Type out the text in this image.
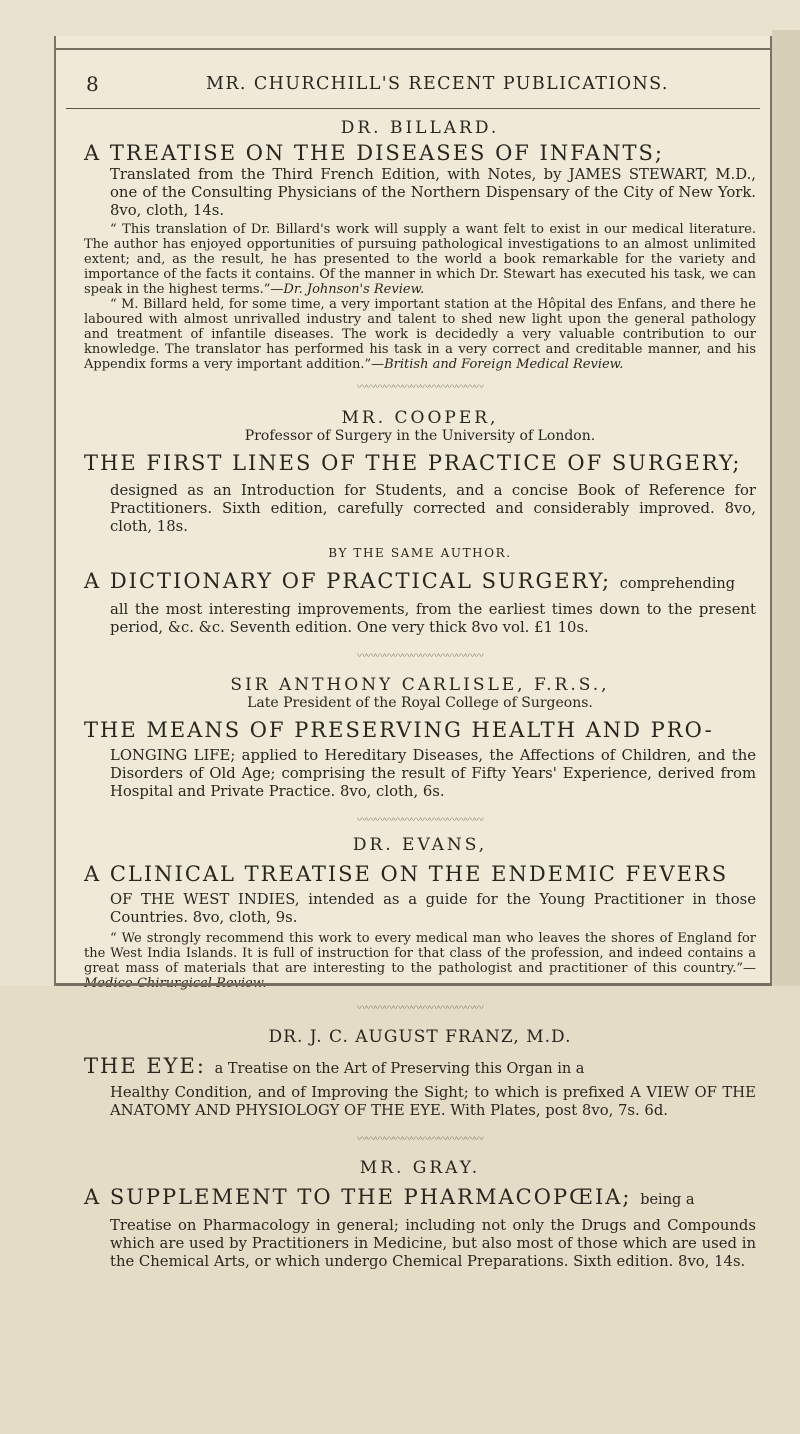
8	MR. CHURCHILL'S RECENT PUBLICATIONS.

DR. BILLARD.

A TREATISE ON THE DISEASES OF INFANTS;

Translated from the Third French Edition, with Notes, by JAMES STEWART, M.D., one of the Consulting Physicians of the Northern Dispensary of the City of New York. 8vo, cloth, 14s.

“ This translation of Dr. Billard's work will supply a want felt to exist in our medical literature. The author has enjoyed opportunities of pursuing pathological investigations to an almost unlimited extent; and, as the result, he has presented to the world a book remarkable for the variety and importance of the facts it contains. Of the manner in which Dr. Stewart has executed his task, we can speak in the highest terms.”—Dr. Johnson's Review.

“ M. Billard held, for some time, a very important station at the Hôpital des Enfans, and there he laboured with almost unrivalled industry and talent to shed new light upon the general pathology and treatment of infantile diseases. The work is decidedly a very valuable contribution to our knowledge. The translator has performed his task in a very correct and creditable manner, and his Appendix forms a very important addition.”—British and Foreign Medical Review.

〰〰〰〰〰〰〰〰〰〰〰〰〰〰

MR. COOPER,

Professor of Surgery in the University of London.

THE FIRST LINES OF THE PRACTICE OF SURGERY;

designed as an Introduction for Students, and a concise Book of Reference for Practitioners. Sixth edition, carefully corrected and considerably improved. 8vo, cloth, 18s.

BY THE SAME AUTHOR.

A DICTIONARY OF PRACTICAL SURGERY; comprehending

all the most interesting improvements, from the earliest times down to the present period, &c. &c. Seventh edition. One very thick 8vo vol. £1 10s.

〰〰〰〰〰〰〰〰〰〰〰〰〰〰

SIR ANTHONY CARLISLE, F.R.S.,

Late President of the Royal College of Surgeons.

THE MEANS OF PRESERVING HEALTH AND PRO-

LONGING LIFE; applied to Hereditary Diseases, the Affections of Children, and the Disorders of Old Age; comprising the result of Fifty Years' Experience, derived from Hospital and Private Practice. 8vo, cloth, 6s.

〰〰〰〰〰〰〰〰〰〰〰〰〰〰

DR. EVANS,

A CLINICAL TREATISE ON THE ENDEMIC FEVERS

OF THE WEST INDIES, intended as a guide for the Young Practitioner in those Countries. 8vo, cloth, 9s.

“ We strongly recommend this work to every medical man who leaves the shores of England for the West India Islands. It is full of instruction for that class of the profession, and indeed contains a great mass of materials that are interesting to the pathologist and practitioner of this country.”—

〰〰〰〰〰〰〰〰〰〰〰〰〰〰

DR. J. C. AUGUST FRANZ, M.D.

THE EYE: a Treatise on the Art of Preserving this Organ in a

Healthy Condition, and of Improving the Sight; to which is prefixed A VIEW OF THE ANATOMY AND PHYSIOLOGY OF THE EYE. With Plates, post 8vo, 7s. 6d.

〰〰〰〰〰〰〰〰〰〰〰〰〰〰

MR. GRAY.

A SUPPLEMENT TO THE PHARMACOPŒIA; being a

Treatise on Pharmacology in general; including not only the Drugs and Compounds which are used by Practitioners in Medicine, but also most of those which are used in the Chemical Arts, or which undergo Chemical Preparations. Sixth edition. 8vo, 14s.
